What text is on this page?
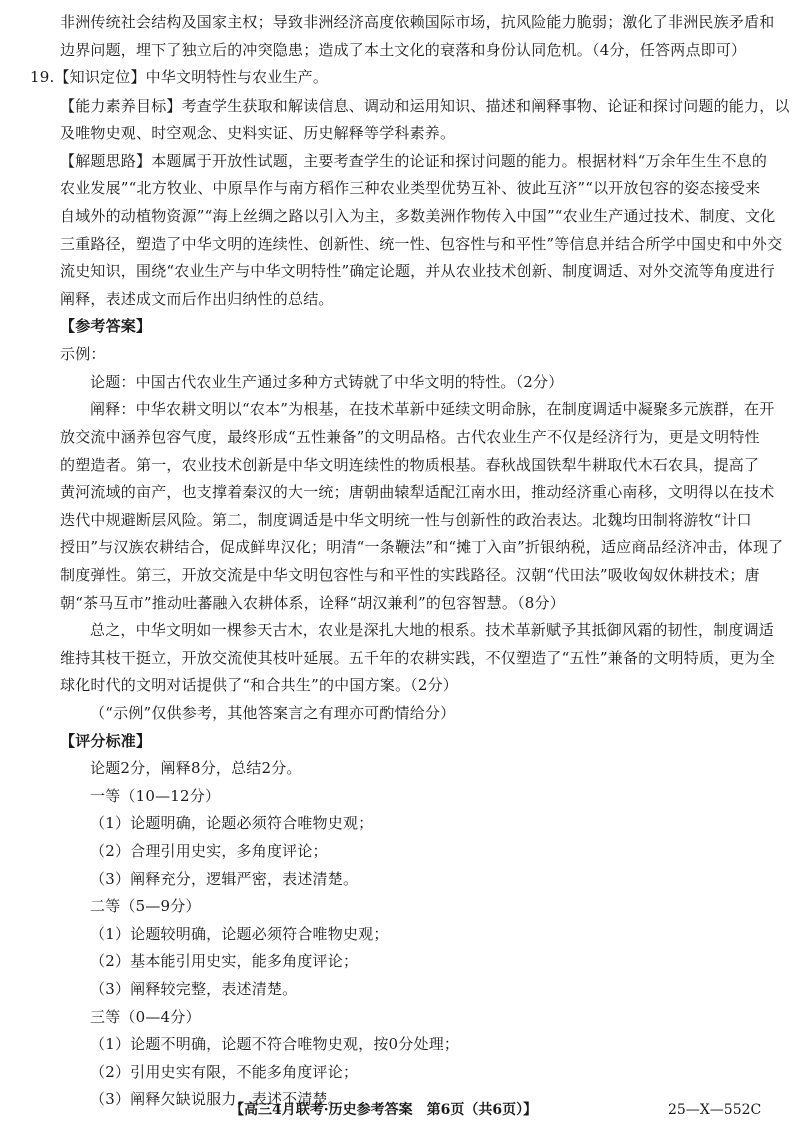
非洲传统社会结构及国家主权；导致非洲经济高度依赖国际市场，抗风险能力脆弱；激化了非洲民族矛盾和
边界问题，埋下了独立后的冲突隐患；造成了本土文化的衰落和身份认同危机。（4分，任答两点即可）
19.【知识定位】中华文明特性与农业生产。
【能力素养目标】考查学生获取和解读信息、调动和运用知识、描述和阐释事物、论证和探讨问题的能力，以
及唯物史观、时空观念、史料实证、历史解释等学科素养。
【解题思路】本题属于开放性试题，主要考查学生的论证和探讨问题的能力。根据材料“万余年生生不息的
农业发展”“北方牧业、中原旱作与南方稻作三种农业类型优势互补、彼此互济”“以开放包容的姿态接受来
自域外的动植物资源”“海上丝绸之路以引入为主，多数美洲作物传入中国”“农业生产通过技术、制度、文化
三重路径，塑造了中华文明的连续性、创新性、统一性、包容性与和平性”等信息并结合所学中国史和中外交
流史知识，围绕“农业生产与中华文明特性”确定论题，并从农业技术创新、制度调适、对外交流等角度进行
阐释，表述成文而后作出归纳性的总结。
【参考答案】
示例：
论题：中国古代农业生产通过多种方式铸就了中华文明的特性。（2分）
阐释：中华农耕文明以“农本”为根基，在技术革新中延续文明命脉，在制度调适中凝聚多元族群，在开
放交流中涵养包容气度，最终形成“五性兼备”的文明品格。古代农业生产不仅是经济行为，更是文明特性
的塑造者。第一，农业技术创新是中华文明连续性的物质根基。春秋战国铁犁牛耕取代木石农具，提高了
黄河流域的亩产，也支撑着秦汉的大一统；唐朝曲辕犁适配江南水田，推动经济重心南移，文明得以在技术
迭代中规避断层风险。第二，制度调适是中华文明统一性与创新性的政治表达。北魏均田制将游牧“计口
授田”与汉族农耕结合，促成鲜卑汉化；明清“一条鞭法”和“摊丁入亩”折银纳税，适应商品经济冲击，体现了
制度弹性。第三，开放交流是中华文明包容性与和平性的实践路径。汉朝“代田法”吸收匈奴休耕技术；唐
朝“茶马互市”推动吐蕃融入农耕体系，诠释“胡汉兼利”的包容智慧。（8分）
总之，中华文明如一棵参天古木，农业是深扎大地的根系。技术革新赋予其抵御风霜的韧性，制度调适
维持其枝干挺立，开放交流使其枝叶延展。五千年的农耕实践，不仅塑造了“五性”兼备的文明特质，更为全
球化时代的文明对话提供了“和合共生”的中国方案。（2分）
（“示例”仅供参考，其他答案言之有理亦可酌情给分）
【评分标准】
论题2分，阐释8分，总结2分。
一等（10—12分）
（1）论题明确，论题必须符合唯物史观；
（2）合理引用史实，多角度评论；
（3）阐释充分，逻辑严密，表述清楚。
二等（5—9分）
（1）论题较明确，论题必须符合唯物史观；
（2）基本能引用史实，能多角度评论；
（3）阐释较完整，表述清楚。
三等（0—4分）
（1）论题不明确，论题不符合唯物史观，按0分处理；
（2）引用史实有限，不能多角度评论；
（3）阐释欠缺说服力，表述不清楚。
【高三4月联考·历史参考答案　第6页（共6页）】	25—X—552C
